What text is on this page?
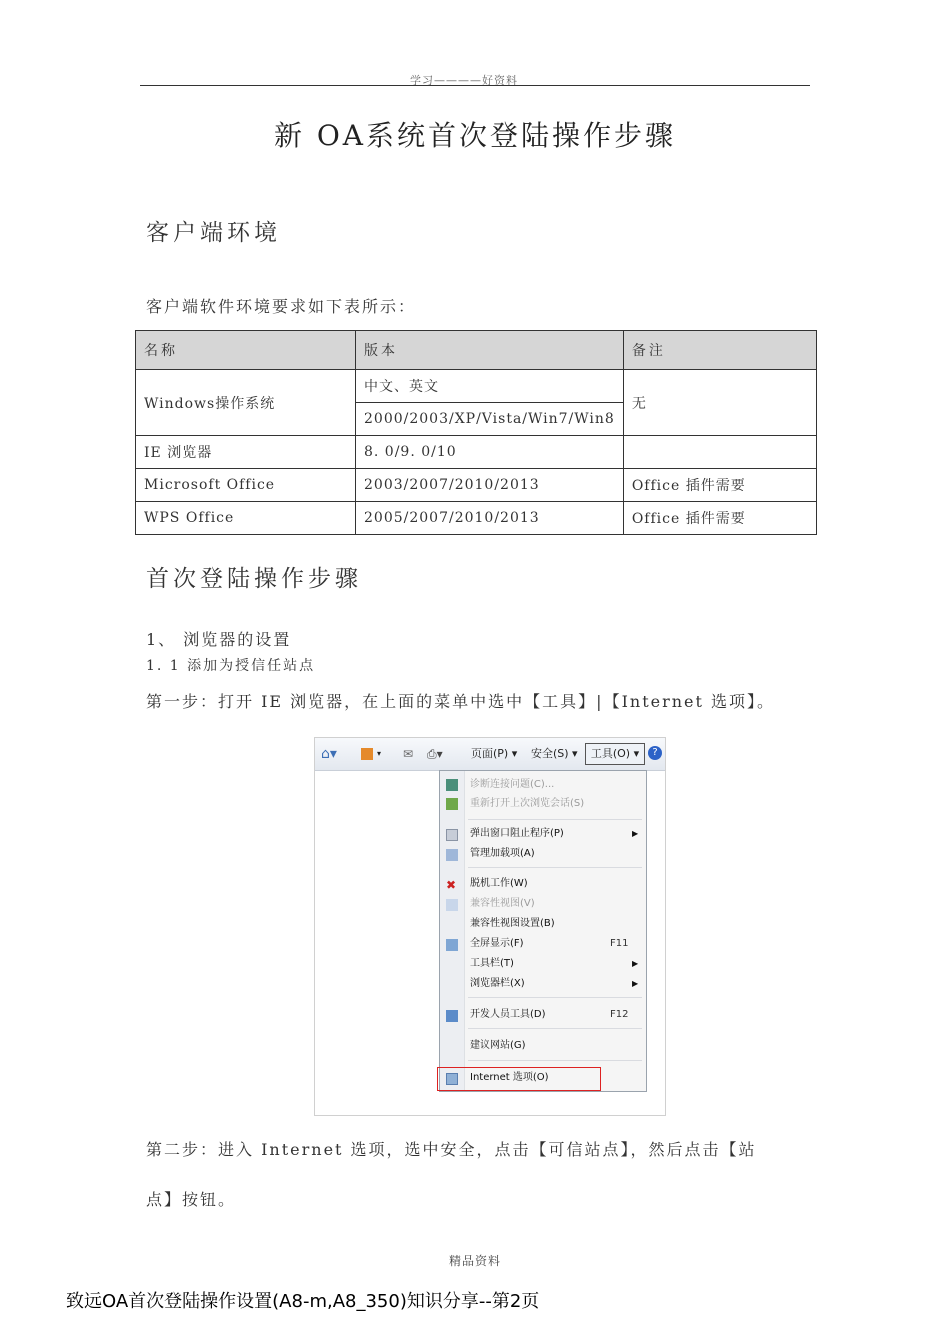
学习————好资料
新 OA系统首次登陆操作步骤
客户端环境
客户端软件环境要求如下表所示：
名称	版本	备注
Windows操作系统	中文、英文	无
	2000/2003/XP/Vista/Win7/Win8	
IE 浏览器	8. 0/9. 0/10	
Microsoft Office	2003/2007/2010/2013	Office 插件需要
WPS Office	2005/2007/2010/2013	Office 插件需要
首次登陆操作步骤
1、 浏览器的设置
1. 1 添加为授信任站点
第一步：打开 IE 浏览器，在上面的菜单中选中【工具】|【Internet 选项】。
⌂▾	▾ ✉ ⎙▾	页面(P) ▾ 安全(S) ▾	工具(O) ▾	?
诊断连接问题(C)...
重新打开上次浏览会话(S)
弹出窗口阻止程序(P)	▶
管理加载项(A)
✖ 脱机工作(W)
兼容性视图(V)
兼容性视图设置(B)
全屏显示(F)	F11
工具栏(T)	▶
浏览器栏(X)	▶
开发人员工具(D)	F12
建议网站(G)
Internet 选项(O)
第二步：进入 Internet 选项，选中安全，点击【可信站点】，然后点击【站
点】按钮。
精品资料
致远OA首次登陆操作设置(A8-m,A8_350)知识分享--第2页
